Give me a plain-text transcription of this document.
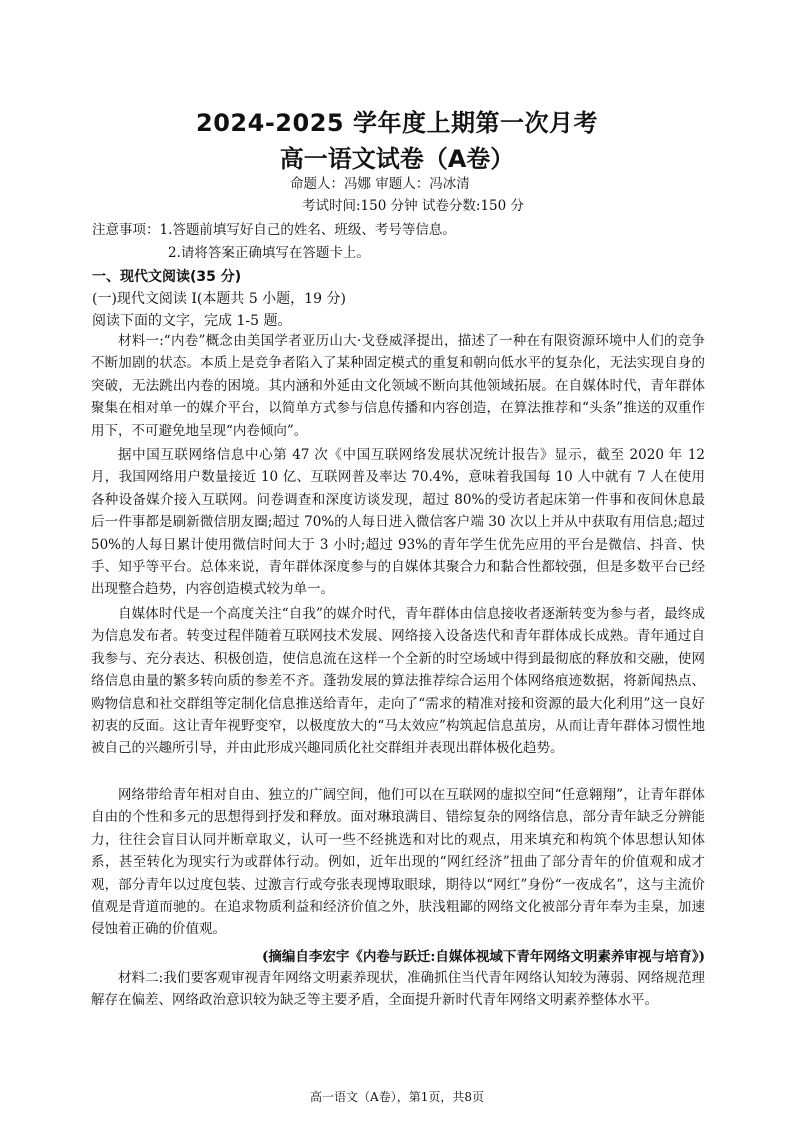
2024-2025 学年度上期第一次月考
高一语文试卷（A卷）
命题人：冯娜 审题人：冯冰清
考试时间:150 分钟 试卷分数:150 分
注意事项：1.答题前填写好自己的姓名、班级、考号等信息。
2.请将答案正确填写在答题卡上。
一、现代文阅读(35 分)
(一)现代文阅读 I(本题共 5 小题，19 分)
阅读下面的文字，完成 1-5 题。

材料一:“内卷”概念由美国学者亚历山大·戈登威泽提出，描述了一种在有限资源环境中人们的竞争不断加剧的状态。本质上是竞争者陷入了某种固定模式的重复和朝向低水平的复杂化，无法实现自身的突破，无法跳出内卷的困境。其内涵和外延由文化领域不断向其他领域拓展。在自媒体时代，青年群体聚集在相对单一的媒介平台，以简单方式参与信息传播和内容创造，在算法推荐和“头条”推送的双重作用下，不可避免地呈现“内卷倾向”。

据中国互联网络信息中心第 47 次《中国互联网络发展状况统计报告》显示，截至 2020 年 12 月，我国网络用户数量接近 10 亿、互联网普及率达 70.4%，意味着我国每 10 人中就有 7 人在使用各种设备媒介接入互联网。问卷调查和深度访谈发现，超过 80%的受访者起床第一件事和夜间休息最后一件事都是刷新微信朋友圈;超过 70%的人每日进入微信客户端 30 次以上并从中获取有用信息;超过 50%的人每日累计使用微信时间大于 3 小时;超过 93%的青年学生优先应用的平台是微信、抖音、快手、知乎等平台。总体来说，青年群体深度参与的自媒体其聚合力和黏合性都较强，但是多数平台已经出现整合趋势，内容创造模式较为单一。

自媒体时代是一个高度关注“自我”的媒介时代，青年群体由信息接收者逐渐转变为参与者，最终成为信息发布者。转变过程伴随着互联网技术发展、网络接入设备迭代和青年群体成长成熟。青年通过自我参与、充分表达、积极创造，使信息流在这样一个全新的时空场域中得到最彻底的释放和交融，使网络信息由量的繁多转向质的参差不齐。蓬勃发展的算法推荐综合运用个体网络痕迹数据，将新闻热点、购物信息和社交群组等定制化信息推送给青年，走向了“需求的精准对接和资源的最大化利用”这一良好初衷的反面。这让青年视野变窄，以极度放大的“马太效应”构筑起信息茧房，从而让青年群体习惯性地被自己的兴趣所引导，并由此形成兴趣同质化社交群组并表现出群体极化趋势。

网络带给青年相对自由、独立的广阔空间，他们可以在互联网的虚拟空间“任意翱翔”，让青年群体自由的个性和多元的思想得到抒发和释放。面对琳琅满目、错综复杂的网络信息，部分青年缺乏分辨能力，往往会盲目认同并断章取义，认可一些不经挑选和对比的观点，用来填充和构筑个体思想认知体系，甚至转化为现实行为或群体行动。例如，近年出现的“网红经济”扭曲了部分青年的价值观和成才观，部分青年以过度包装、过激言行或夸张表现博取眼球，期待以“网红”身份“一夜成名”，这与主流价值观是背道而驰的。在追求物质利益和经济价值之外，肤浅粗鄙的网络文化被部分青年奉为圭臬，加速侵蚀着正确的价值观。

(摘编自李宏宇《内卷与跃迁:自媒体视域下青年网络文明素养审视与培育》)

材料二:我们要客观审视青年网络文明素养现状，准确抓住当代青年网络认知较为薄弱、网络规范理解存在偏差、网络政治意识较为缺乏等主要矛盾，全面提升新时代青年网络文明素养整体水平。

高一语文（A卷），第1页，共8页
